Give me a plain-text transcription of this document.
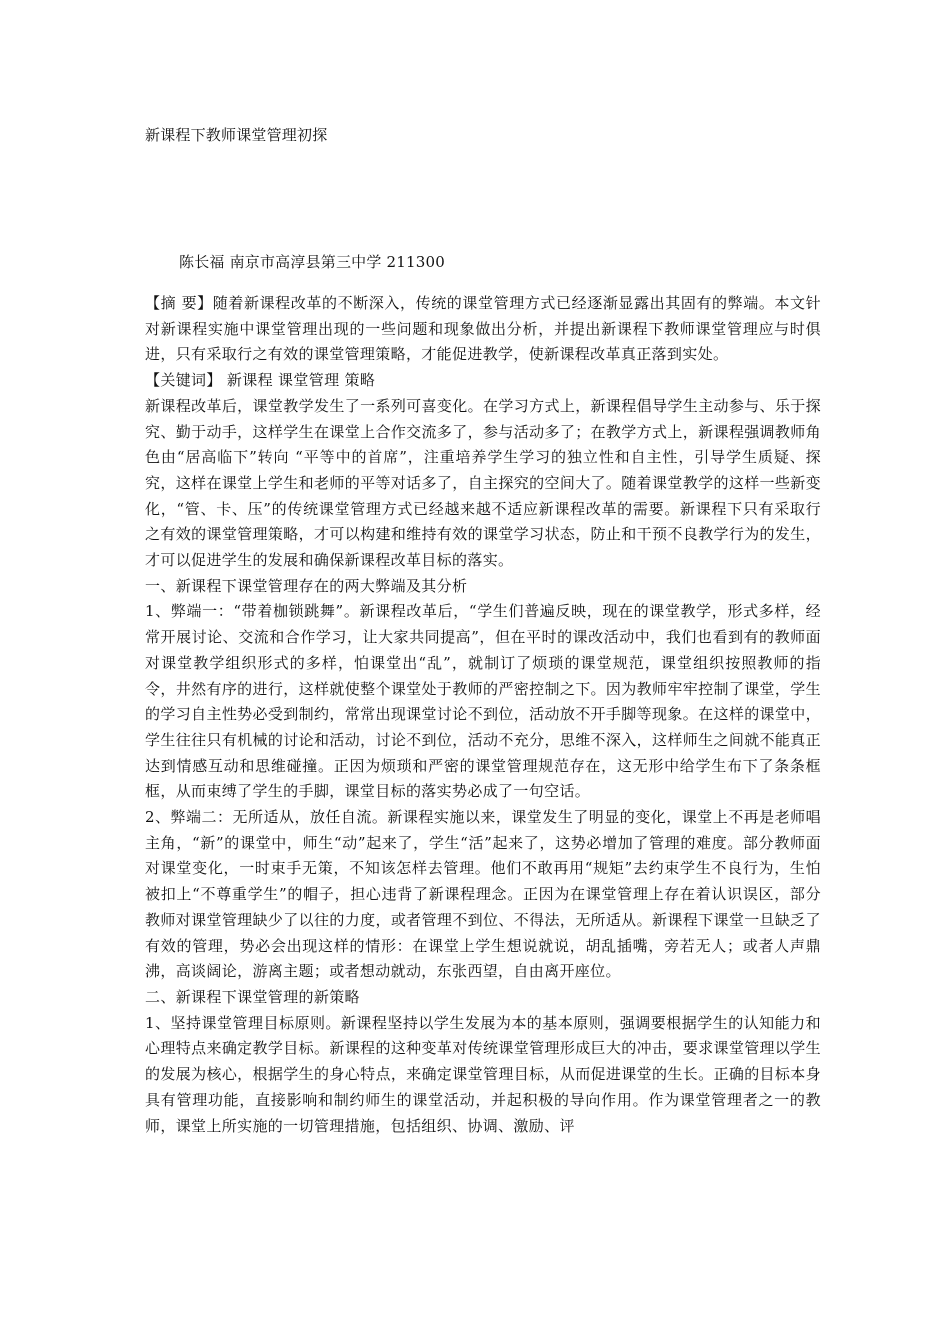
新课程下教师课堂管理初探
陈长福 南京市高淳县第三中学 211300

【摘 要】随着新课程改革的不断深入，传统的课堂管理方式已经逐渐显露出其固有的弊端。本文针对新课程实施中课堂管理出现的一些问题和现象做出分析，并提出新课程下教师课堂管理应与时俱进，只有采取行之有效的课堂管理策略，才能促进教学，使新课程改革真正落到实处。

【关键词】 新课程 课堂管理 策略

新课程改革后，课堂教学发生了一系列可喜变化。在学习方式上，新课程倡导学生主动参与、乐于探究、勤于动手，这样学生在课堂上合作交流多了，参与活动多了；在教学方式上，新课程强调教师角色由“居高临下”转向 “平等中的首席”，注重培养学生学习的独立性和自主性，引导学生质疑、探究，这样在课堂上学生和老师的平等对话多了，自主探究的空间大了。随着课堂教学的这样一些新变化，“管、卡、压”的传统课堂管理方式已经越来越不适应新课程改革的需要。新课程下只有采取行之有效的课堂管理策略，才可以构建和维持有效的课堂学习状态，防止和干预不良教学行为的发生，才可以促进学生的发展和确保新课程改革目标的落实。

一、新课程下课堂管理存在的两大弊端及其分析

1、弊端一：“带着枷锁跳舞”。新课程改革后，“学生们普遍反映，现在的课堂教学，形式多样，经常开展讨论、交流和合作学习，让大家共同提高”，但在平时的课改活动中，我们也看到有的教师面对课堂教学组织形式的多样，怕课堂出“乱”，就制订了烦琐的课堂规范，课堂组织按照教师的指令，井然有序的进行，这样就使整个课堂处于教师的严密控制之下。因为教师牢牢控制了课堂，学生的学习自主性势必受到制约，常常出现课堂讨论不到位，活动放不开手脚等现象。在这样的课堂中，学生往往只有机械的讨论和活动，讨论不到位，活动不充分，思维不深入，这样师生之间就不能真正达到情感互动和思维碰撞。正因为烦琐和严密的课堂管理规范存在，这无形中给学生布下了条条框框，从而束缚了学生的手脚，课堂目标的落实势必成了一句空话。

2、弊端二：无所适从，放任自流。新课程实施以来，课堂发生了明显的变化，课堂上不再是老师唱主角，“新”的课堂中，师生“动”起来了，学生“活”起来了，这势必增加了管理的难度。部分教师面对课堂变化，一时束手无策，不知该怎样去管理。他们不敢再用“规矩”去约束学生不良行为，生怕被扣上“不尊重学生”的帽子，担心违背了新课程理念。正因为在课堂管理上存在着认识误区，部分教师对课堂管理缺少了以往的力度，或者管理不到位、不得法，无所适从。新课程下课堂一旦缺乏了有效的管理，势必会出现这样的情形：在课堂上学生想说就说，胡乱插嘴，旁若无人；或者人声鼎沸，高谈阔论，游离主题；或者想动就动，东张西望，自由离开座位。

二、新课程下课堂管理的新策略

1、坚持课堂管理目标原则。新课程坚持以学生发展为本的基本原则，强调要根据学生的认知能力和心理特点来确定教学目标。新课程的这种变革对传统课堂管理形成巨大的冲击，要求课堂管理以学生的发展为核心，根据学生的身心特点，来确定课堂管理目标，从而促进课堂的生长。正确的目标本身具有管理功能，直接影响和制约师生的课堂活动，并起积极的导向作用。作为课堂管理者之一的教师，课堂上所实施的一切管理措施，包括组织、协调、激励、评
